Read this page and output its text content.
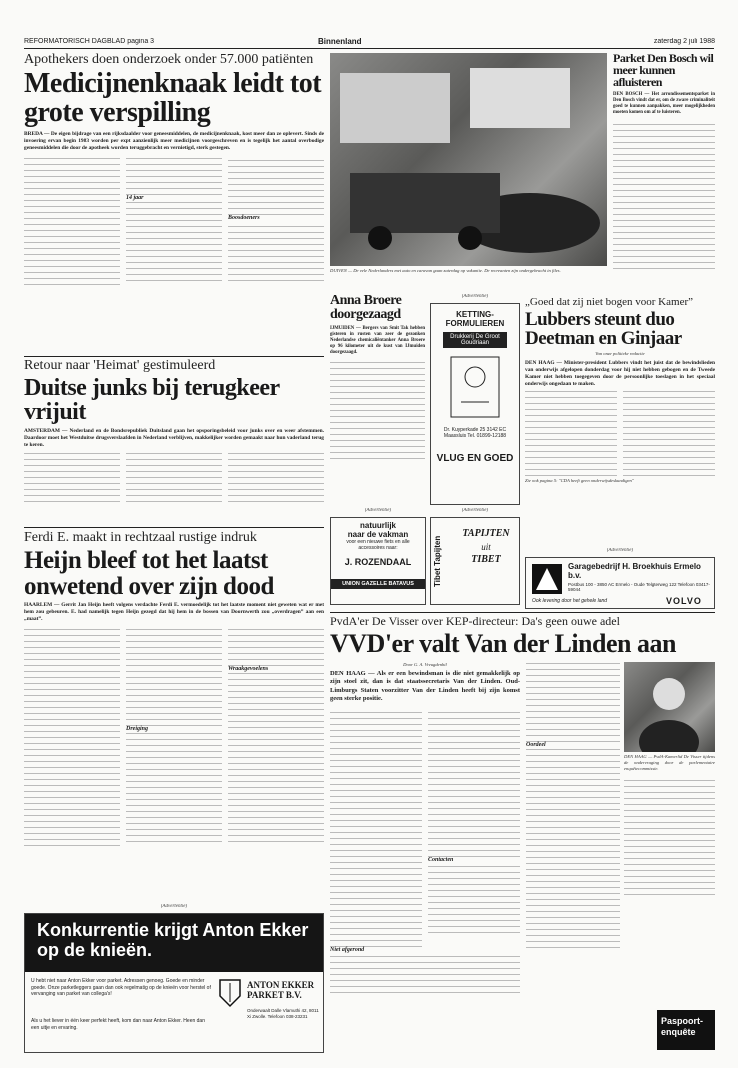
REFORMATORISCH DAGBLAD pagina 3	Binnenland	zaterdag 2 juli 1988
Apothekers doen onderzoek onder 57.000 patiënten
Medicijnenknaak leidt tot grote verspilling
BREDA — De eigen bijdrage van een rijksdaalder voor geneesmiddelen, de medicijnenknaak, kost meer dan ze oplevert. Sinds de invoering ervan begin 1983 worden per expt aanzienlijk meer medicijnen voorgeschreven en is tegelijk het aantal overbodige geneesmiddelen die door de apotheek worden teruggebracht en vernietigd, sterk gestegen.
14 jaar
Boosdoeners
DUIVEN — De vele Nederlanders met auto en caravan gaan zaterdag op vakantie. De recreanten zijn ondergebracht in files.
Parket Den Bosch wil meer kunnen afluisteren
DEN BOSCH — Het arrondissementsparket in Den Bosch vindt dat er, om de zware criminaliteit goed te kunnen aanpakken, meer mogelijkheden moeten komen om af te luisteren.
Retour naar 'Heimat' gestimuleerd
Duitse junks bij terugkeer vrijuit
AMSTERDAM — Nederland en de Bondsrepubliek Duitsland gaan het opsporingsbeleid voor junks over en weer afstemmen. Daardoor moet het Westduitse drugsverslaafden in Nederland verblijven, makkelijker worden gemaakt naar hun vaderland terug te keren.
Anna Broere doorgezaagd
IJMUIDEN — Bergers van Smit Tak hebben gisteren in rusten van zeer de gezonken Nederlandse chemicaliëntanker Anna Broere op 96 kilometer uit de kust van IJmuiden doorgezaagd.
(Advertentie)
KETTING-FORMULIEREN
Drukkerij De Groot Goudriaan
Dr. Kuyperkade 25 3142 EC Maassluis Tel. 01899-12188
VLUG EN GOED
„Goed dat zij niet bogen voor Kamer”
Lubbers steunt duo Deetman en Ginjaar
Van onze politieke redactie
DEN HAAG — Minister-president Lubbers vindt het juist dat de bewindslieden van onderwijs afgelopen donderdag voor hij niet hebben gebogen en de Tweede Kamer niet hebben toegegeven door de persoonlijke toeslagen in het speciaal onderwijs ongedaan te maken.
Zie ook pagina 5: "CDA heeft geen onderwijsdeskundigen"
(Advertentie)
natuurlijk
naar de vakman
voor een nieuwe fiets en alle accessoires naar:
J. ROZENDAAL
UNION GAZELLE BATAVUS
(Advertentie)
Tibet Tapijten
TAPIJTEN
uit
TIBET
(Advertentie)
Garagebedrijf H. Broekhuis Ermelo b.v.
Postbus 100 - 3850 AC Ermelo - Oude Telgterweg 122 Telefoon 03417-59044
Ook levering door het gehele land	VOLVO
Ferdi E. maakt in rechtzaal rustige indruk
Heijn bleef tot het laatst onwetend over zijn dood
HAARLEM — Gerrit Jan Heijn heeft volgens verdachte Ferdi E. vermoedelijk tot het laatste moment niet geweten wat er met hem zou gebeuren. E. had namelijk tegen Heijn gezegd dat hij hem in de bossen van Doornwerth zou „overdragen” aan een „maat”.
Dreiging
Wraakgevoelens
PvdA'er De Visser over KEP-directeur: Da's geen ouwe adel
VVD'er valt Van der Linden aan
Door G. A. Vreugdenhil
DEN HAAG — Als er een bewindsman is die niet gemakkelijk op zijn stoel zit, dan is dat staatssecretaris Van der Linden. Oud-Limburgs Staten voorzitter Van der Linden heeft bij zijn komst geen sterke positie.
Contacten
Niet afgerond
Oordeel
DEN HAAG — PvdA-Kamerlid De Visser tijdens de ondervraging door de parlementaire enquêtecommissie.
(Advertentie)
Konkurrentie krijgt Anton Ekker op de knieën.
U hebt niet naar Anton Ekker voor parket. Adressen genoeg. Goede en minder goede. Onze parketleggers gaan dan ook regelmatig op de knieën voor herstel of vervanging van parket van collega's!
Als u het liever in één keer perfekt heeft, kom dan naar Anton Ekker. Heen dan een uitje en ervaring.
ANTON EKKER PARKET B.V.
Onderwaalt Dalle Vlamuthi 42, 8011 Xi Zwolle. Telefoon 038-23231	Paspoort-
enquête
